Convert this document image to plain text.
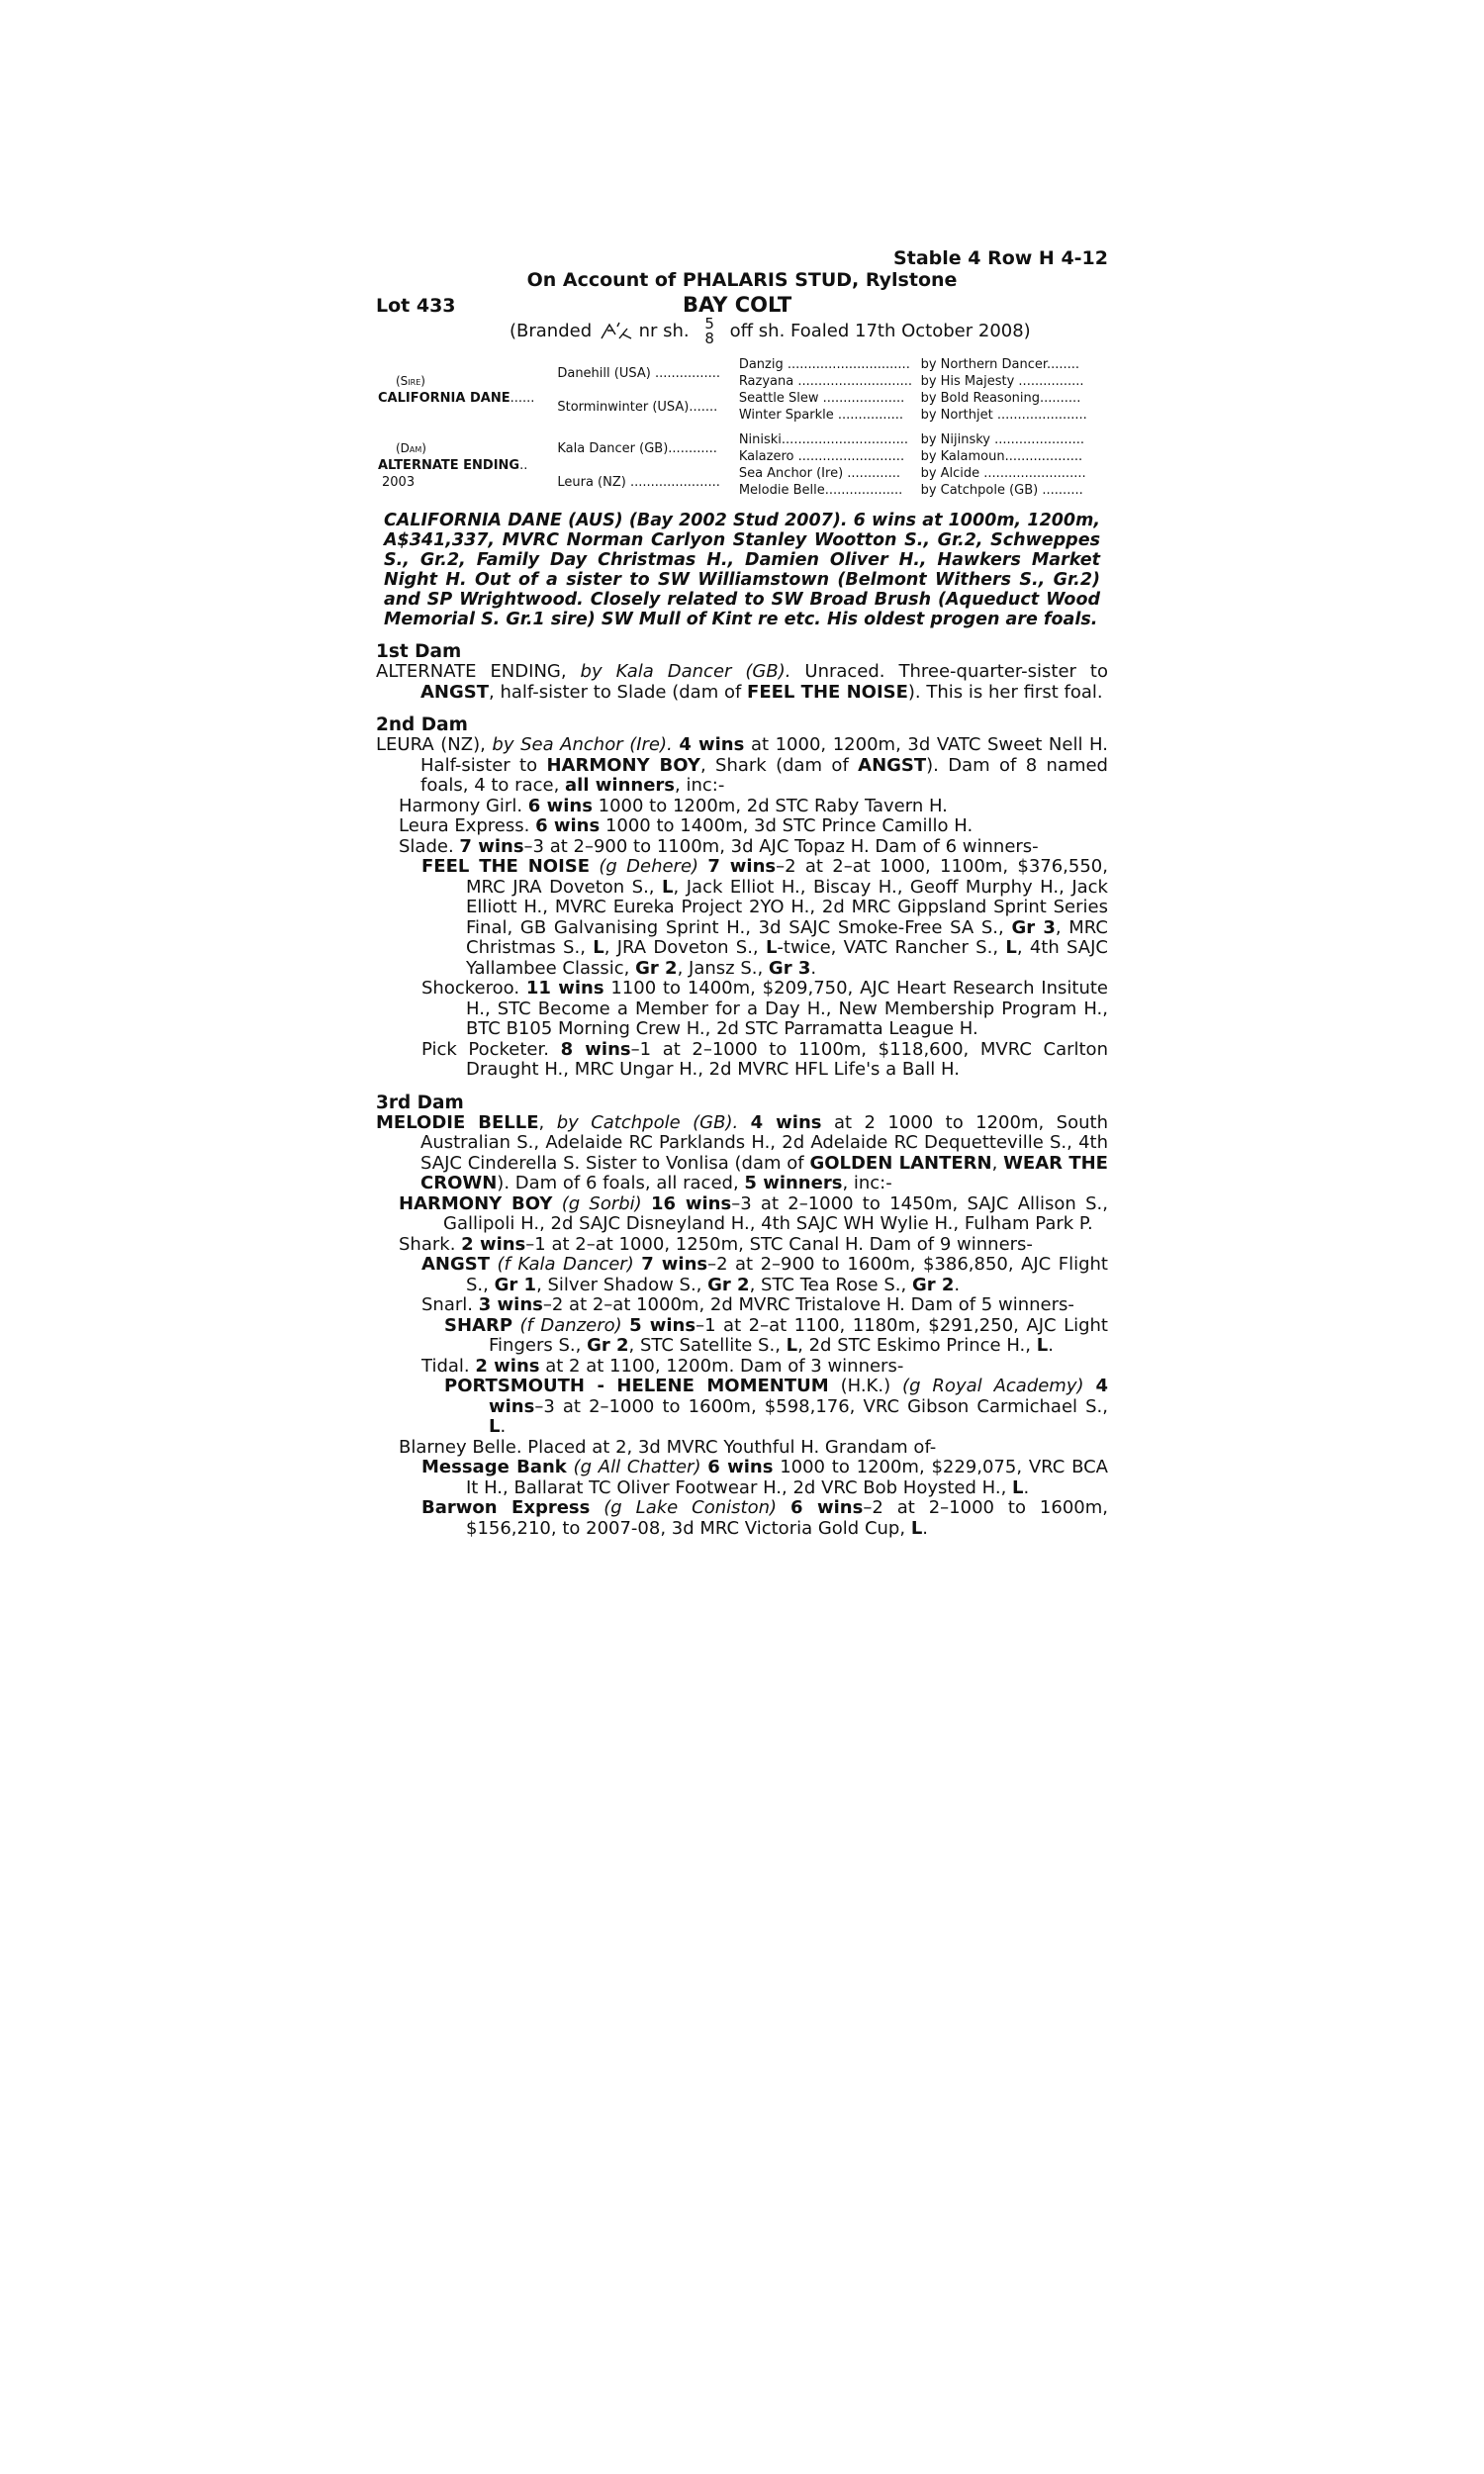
Stable 4 Row H 4-12
On Account of PHALARIS STUD, Rylstone
Lot 433	BAY COLT
(Branded	nr sh. 5
8 off sh. Foaled 17th October 2008)
(Sire)
CALIFORNIA DANE......	Danehill (USA) ................	Danzig ..............................	by Northern Dancer........
		Razyana ............................	by His Majesty ................
	Storminwinter (USA).......	Seattle Slew ....................	by Bold Reasoning..........
		Winter Sparkle ................	by Northjet ......................

(Dam)
ALTERNATE ENDING..
2003	Kala Dancer (GB)............	Niniski...............................	by Nijinsky ......................
		Kalazero ..........................	by Kalamoun...................
	Leura (NZ) ......................	Sea Anchor (Ire) .............	by Alcide .........................
		Melodie Belle...................	by Catchpole (GB) ..........
CALIFORNIA DANE (AUS) (Bay 2002 Stud 2007). 6 wins at 1000m, 1200m, A$341,337, MVRC Norman Carlyon Stanley Wootton S., Gr.2, Schweppes S., Gr.2, Family Day Christmas H., Damien Oliver H., Hawkers Market Night H. Out of a sister to SW Williamstown (Belmont Withers S., Gr.2) and SP Wrightwood. Closely related to SW Broad Brush (Aqueduct Wood Memorial S. Gr.1 sire) SW Mull of Kint re etc. His oldest progen are foals.
1st Dam
ALTERNATE ENDING, by Kala Dancer (GB). Unraced. Three-quarter-sister to ANGST, half-sister to Slade (dam of FEEL THE NOISE). This is her first foal.
2nd Dam
LEURA (NZ), by Sea Anchor (Ire). 4 wins at 1000, 1200m, 3d VATC Sweet Nell H. Half-sister to HARMONY BOY, Shark (dam of ANGST). Dam of 8 named foals, 4 to race, all winners, inc:-
Harmony Girl. 6 wins 1000 to 1200m, 2d STC Raby Tavern H.
Leura Express. 6 wins 1000 to 1400m, 3d STC Prince Camillo H.
Slade. 7 wins–3 at 2–900 to 1100m, 3d AJC Topaz H. Dam of 6 winners-
FEEL THE NOISE (g Dehere) 7 wins–2 at 2–at 1000, 1100m, $376,550, MRC JRA Doveton S., L, Jack Elliot H., Biscay H., Geoff Murphy H., Jack Elliott H., MVRC Eureka Project 2YO H., 2d MRC Gippsland Sprint Series Final, GB Galvanising Sprint H., 3d SAJC Smoke-Free SA S., Gr 3, MRC Christmas S., L, JRA Doveton S., L-twice, VATC Rancher S., L, 4th SAJC Yallambee Classic, Gr 2, Jansz S., Gr 3.
Shockeroo. 11 wins 1100 to 1400m, $209,750, AJC Heart Research Insitute H., STC Become a Member for a Day H., New Membership Program H., BTC B105 Morning Crew H., 2d STC Parramatta League H.
Pick Pocketer. 8 wins–1 at 2–1000 to 1100m, $118,600, MVRC Carlton Draught H., MRC Ungar H., 2d MVRC HFL Life's a Ball H.
3rd Dam
MELODIE BELLE, by Catchpole (GB). 4 wins at 2 1000 to 1200m, South Australian S., Adelaide RC Parklands H., 2d Adelaide RC Dequetteville S., 4th SAJC Cinderella S. Sister to Vonlisa (dam of GOLDEN LANTERN, WEAR THE CROWN). Dam of 6 foals, all raced, 5 winners, inc:-
HARMONY BOY (g Sorbi) 16 wins–3 at 2–1000 to 1450m, SAJC Allison S., Gallipoli H., 2d SAJC Disneyland H., 4th SAJC WH Wylie H., Fulham Park P.
Shark. 2 wins–1 at 2–at 1000, 1250m, STC Canal H. Dam of 9 winners-
ANGST (f Kala Dancer) 7 wins–2 at 2–900 to 1600m, $386,850, AJC Flight S., Gr 1, Silver Shadow S., Gr 2, STC Tea Rose S., Gr 2.
Snarl. 3 wins–2 at 2–at 1000m, 2d MVRC Tristalove H. Dam of 5 winners-
SHARP (f Danzero) 5 wins–1 at 2–at 1100, 1180m, $291,250, AJC Light Fingers S., Gr 2, STC Satellite S., L, 2d STC Eskimo Prince H., L.
Tidal. 2 wins at 2 at 1100, 1200m. Dam of 3 winners-
PORTSMOUTH - HELENE MOMENTUM (H.K.) (g Royal Academy) 4 wins–3 at 2–1000 to 1600m, $598,176, VRC Gibson Carmichael S., L.
Blarney Belle. Placed at 2, 3d MVRC Youthful H. Grandam of-
Message Bank (g All Chatter) 6 wins 1000 to 1200m, $229,075, VRC BCA It H., Ballarat TC Oliver Footwear H., 2d VRC Bob Hoysted H., L.
Barwon Express (g Lake Coniston) 6 wins–2 at 2–1000 to 1600m, $156,210, to 2007-08, 3d MRC Victoria Gold Cup, L.
